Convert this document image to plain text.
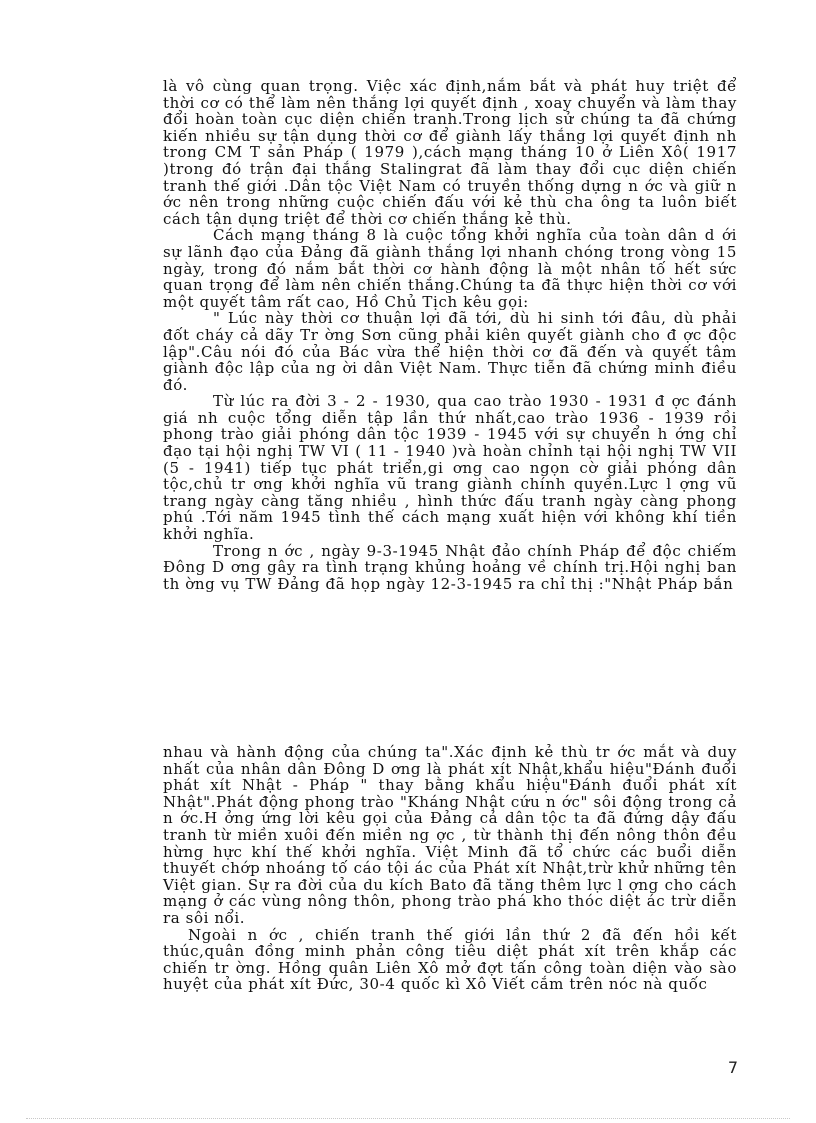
là vô cùng quan trọng. Việc xác định,nắm bắt và phát huy triệt để thời cơ có thể làm nên thắng lợi quyết định , xoay chuyển và làm thay đổi hoàn toàn cục diện chiến tranh.Trong lịch sử chúng ta đã chứng kiến nhiều sự tận dụng thời cơ để giành lấy thắng lợi quyết định nh trong CM T sản Pháp ( 1979 ),cách mạng tháng 10 ở Liên Xô( 1917 )trong đó trận đại thắng Stalingrat đã làm thay đổi cục diện chiến tranh thế giới .Dân tộc Việt Nam có truyền thống dựng n ớc và giữ n ớc nên trong những cuộc chiến đấu với kẻ thù cha ông ta luôn biết cách tận dụng triệt để thời cơ chiến thắng kẻ thù.

Cách mạng tháng 8 là cuộc tổng khởi nghĩa của toàn dân d ới sự lãnh đạo của Đảng đã giành thắng lợi nhanh chóng trong vòng 15 ngày, trong đó nắm bắt thời cơ hành động là một nhân tố hết sức quan trọng để làm nên chiến thắng.Chúng ta đã thực hiện thời cơ với một quyết tâm rất cao, Hồ Chủ Tịch kêu gọi:

" Lúc này thời cơ thuận lợi đã tới, dù hi sinh tới đâu, dù phải đốt cháy cả dãy Tr ờng Sơn cũng phải kiên quyết giành cho đ ợc độc lập".Câu nói đó của Bác vừa thể hiện thời cơ đã đến và quyết tâm giành độc lập của ng ời dân Việt Nam. Thực tiễn đã chứng minh điều đó.

Từ lúc ra đời 3 - 2 - 1930, qua cao trào 1930 - 1931 đ ợc đánh giá nh cuộc tổng diễn tập lần thứ nhất,cao trào 1936 - 1939 rồi phong trào giải phóng dân tộc 1939 - 1945 với sự chuyển h ớng chỉ đạo tại hội nghị TW VI ( 11 - 1940 )và hoàn chỉnh tại hội nghị TW VII (5 - 1941) tiếp tục phát triển,gi ơng cao ngọn cờ giải phóng dân tộc,chủ tr ơng khởi nghĩa vũ trang giành chính quyền.Lực l ợng vũ trang ngày càng tăng nhiều , hình thức đấu tranh ngày càng phong phú .Tới năm 1945 tình thế cách mạng xuất hiện với không khí tiền khởi nghĩa.

Trong n ớc , ngày 9-3-1945 Nhật đảo chính Pháp để độc chiếm Đông D ơng gây ra tình trạng khủng hoảng về chính trị.Hội nghị ban th ờng vụ TW Đảng đã họp ngày 12-3-1945 ra chỉ thị :"Nhật Pháp bắn

nhau và hành động của chúng ta".Xác định kẻ thù tr ớc mắt và duy nhất của nhân dân Đông D ơng là phát xít Nhật,khẩu hiệu"Đánh đuổi phát xít Nhật - Pháp " thay bằng khẩu hiệu"Đánh đuổi phát xít Nhật".Phát động phong trào "Kháng Nhật cứu n ớc" sôi động trong cả n ớc.H ởng ứng lời kêu gọi của Đảng cả dân tộc ta đã đứng dậy đấu tranh từ miền xuôi đến miền ng ợc , từ thành thị đến nông thôn đều hừng hực khí thế khởi nghĩa. Việt Minh đã tổ chức các buổi diễn thuyết chớp nhoáng tố cáo tội ác của Phát xít Nhật,trừ khử những tên Việt gian. Sự ra đời của du kích Bato đã tăng thêm lực l ợng cho cách mạng ở các vùng nông thôn, phong trào phá kho thóc diệt ác trừ diễn ra sôi nổi.

Ngoài n ớc , chiến tranh thế giới lần thứ 2 đã đến hồi kết thúc,quân đồng minh phản công tiêu diệt phát xít trên khắp các chiến tr ờng. Hồng quân Liên Xô mở đợt tấn công toàn diện vào sào huyệt của phát xít Đức, 30-4 quốc kì Xô Viết cắm trên nóc nà quốc

7
